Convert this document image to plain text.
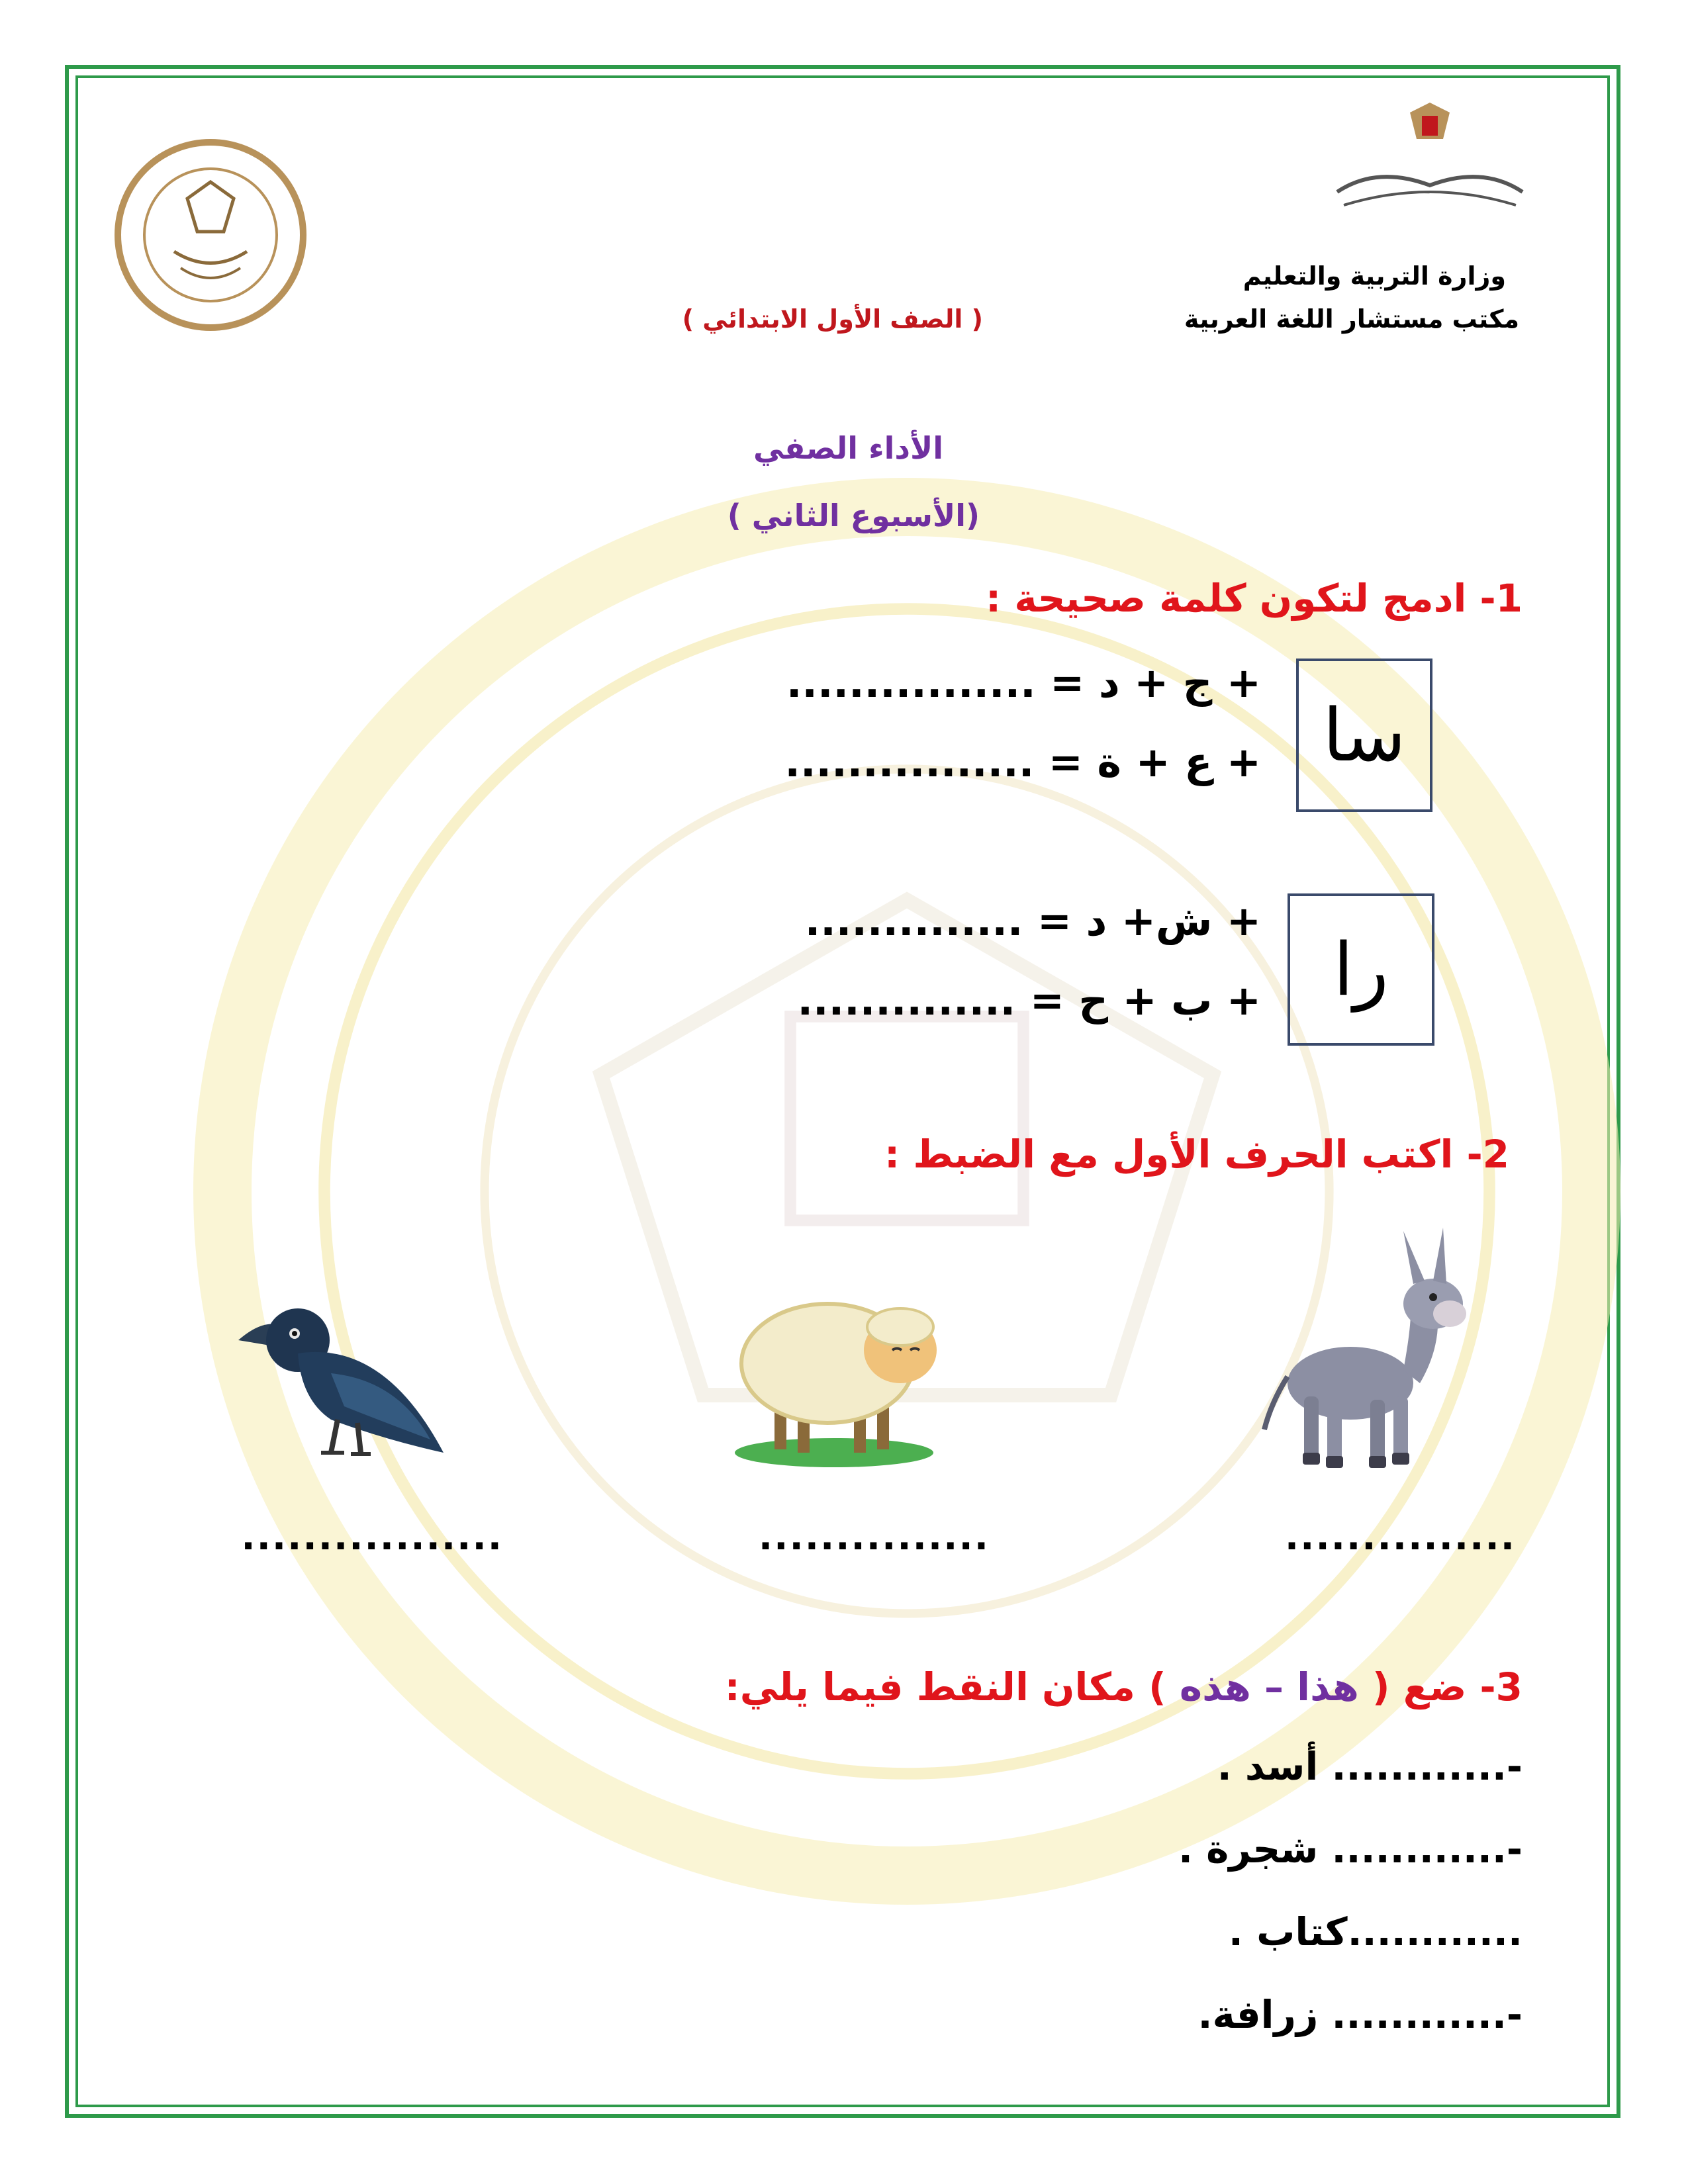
وزارة التربية والتعليم
مكتب مستشار اللغة العربية
( الصف الأول الابتدائي )
الأداء الصفي
(الأسبوع الثاني )
1- ادمج لتكون كلمة صحيحة :
سا
را
+ ج + د = ................
+ ع + ة = ................
+ ش+ د = ..............
+ ب + ح = ..............
2- اكتب الحرف الأول مع الضبط :
...............
...............
.................
3- ضع ( هذا – هذه ) مكان النقط فيما يلي:
-............ أسد .
-............ شجرة .
............كتاب .
-............ زرافة.
